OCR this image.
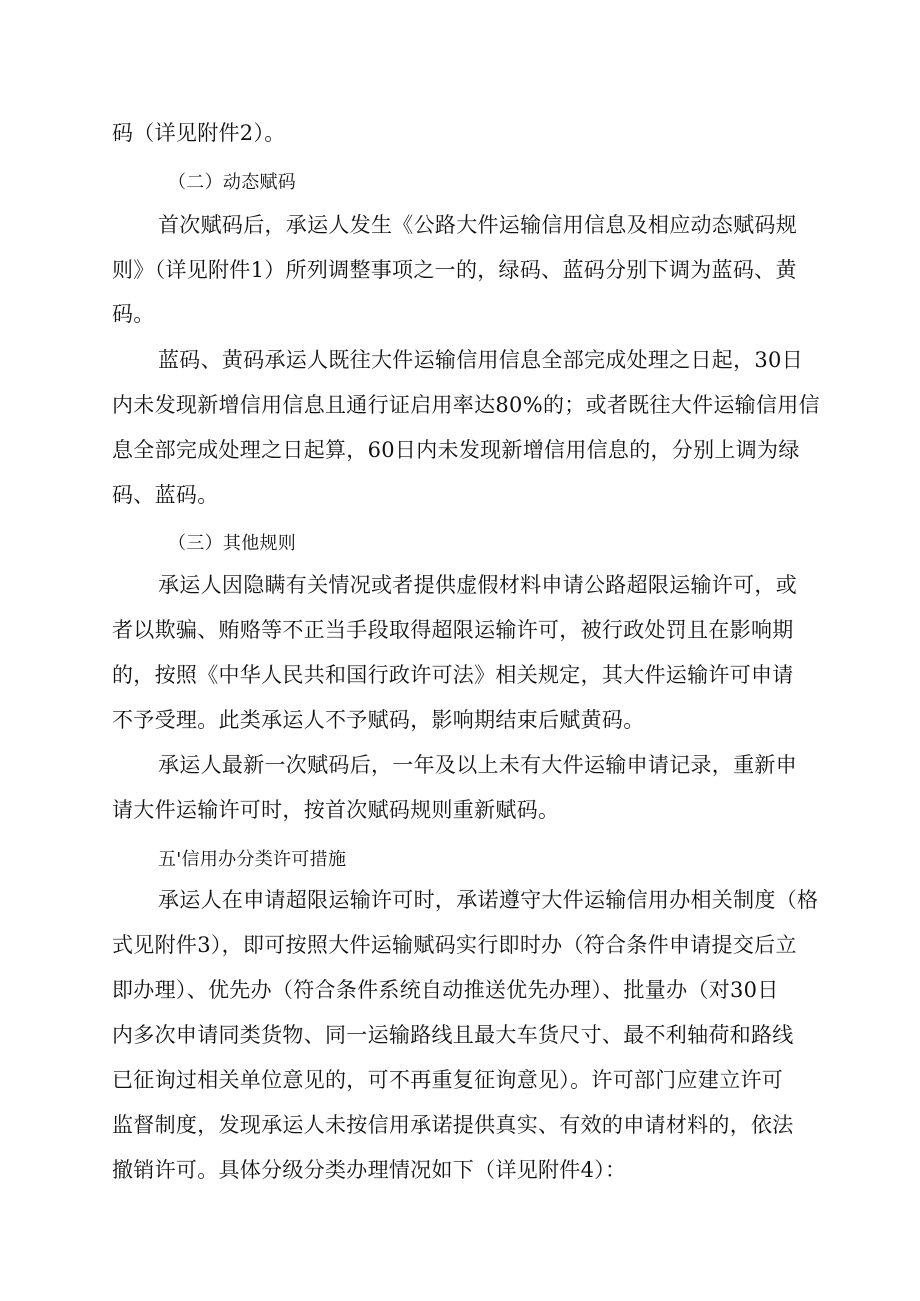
码（详见附件2）。
（二）动态赋码
首次赋码后，承运人发生《公路大件运输信用信息及相应动态赋码规
则》（详见附件1）所列调整事项之一的，绿码、蓝码分别下调为蓝码、黄
码。
蓝码、黄码承运人既往大件运输信用信息全部完成处理之日起，30日
内未发现新增信用信息且通行证启用率达80%的；或者既往大件运输信用信
息全部完成处理之日起算，60日内未发现新增信用信息的，分别上调为绿
码、蓝码。
（三）其他规则
承运人因隐瞒有关情况或者提供虚假材料申请公路超限运输许可，或
者以欺骗、贿赂等不正当手段取得超限运输许可，被行政处罚且在影响期
的，按照《中华人民共和国行政许可法》相关规定，其大件运输许可申请
不予受理。此类承运人不予赋码，影响期结束后赋黄码。
承运人最新一次赋码后，一年及以上未有大件运输申请记录，重新申
请大件运输许可时，按首次赋码规则重新赋码。
五'信用办分类许可措施
承运人在申请超限运输许可时，承诺遵守大件运输信用办相关制度（格
式见附件3），即可按照大件运输赋码实行即时办（符合条件申请提交后立
即办理）、优先办（符合条件系统自动推送优先办理）、批量办（对30日
内多次申请同类货物、同一运输路线且最大车货尺寸、最不利轴荷和路线
已征询过相关单位意见的，可不再重复征询意见）。许可部门应建立许可
监督制度，发现承运人未按信用承诺提供真实、有效的申请材料的，依法
撤销许可。具体分级分类办理情况如下（详见附件4）：
